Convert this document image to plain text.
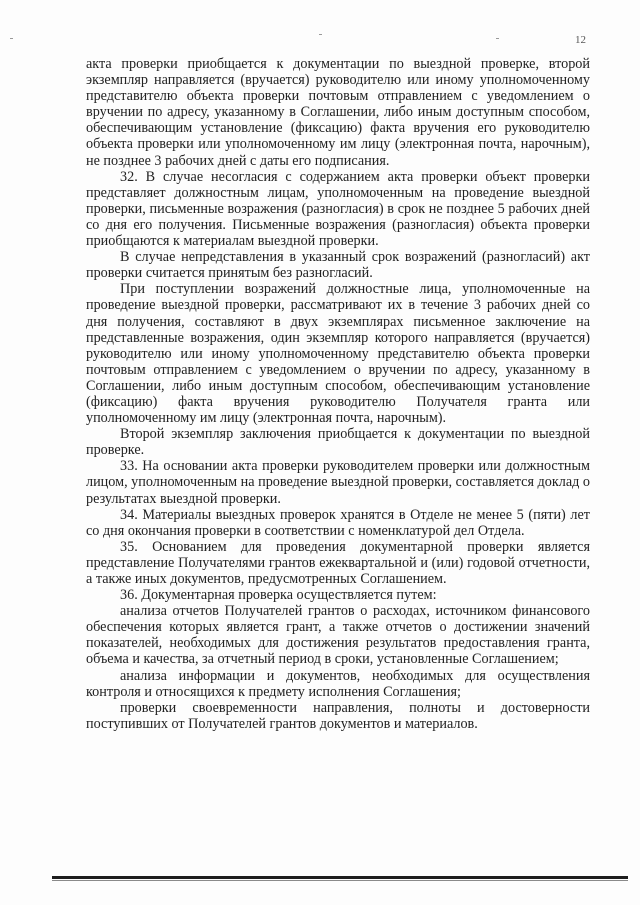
12

акта проверки приобщается к документации по выездной проверке, второй экземпляр направляется (вручается) руководителю или иному уполномоченному представителю объекта проверки почтовым отправлением с уведомлением о вручении по адресу, указанному в Соглашении, либо иным доступным способом, обеспечивающим установление (фиксацию) факта вручения его руководителю объекта проверки или уполномоченному им лицу (электронная почта, нарочным), не позднее 3 рабочих дней с даты его подписания.

32. В случае несогласия с содержанием акта проверки объект проверки представляет должностным лицам, уполномоченным на проведение выездной проверки, письменные возражения (разногласия) в срок не позднее 5 рабочих дней со дня его получения. Письменные возражения (разногласия) объекта проверки приобщаются к материалам выездной проверки.

В случае непредставления в указанный срок возражений (разногласий) акт проверки считается принятым без разногласий.

При поступлении возражений должностные лица, уполномоченные на проведение выездной проверки, рассматривают их в течение 3 рабочих дней со дня получения, составляют в двух экземплярах письменное заключение на представленные возражения, один экземпляр которого направляется (вручается) руководителю или иному уполномоченному представителю объекта проверки почтовым отправлением с уведомлением о вручении по адресу, указанному в Соглашении, либо иным доступным способом, обеспечивающим установление (фиксацию) факта вручения руководителю Получателя гранта или уполномоченному им лицу (электронная почта, нарочным).

Второй экземпляр заключения приобщается к документации по выездной проверке.

33. На основании акта проверки руководителем проверки или должностным лицом, уполномоченным на проведение выездной проверки, составляется доклад о результатах выездной проверки.

34. Материалы выездных проверок хранятся в Отделе не менее 5 (пяти) лет со дня окончания проверки в соответствии с номенклатурой дел Отдела.

35. Основанием для проведения документарной проверки является представление Получателями грантов ежеквартальной и (или) годовой отчетности, а также иных документов, предусмотренных Соглашением.

36. Документарная проверка осуществляется путем:

анализа отчетов Получателей грантов о расходах, источником финансового обеспечения которых является грант, а также отчетов о достижении значений показателей, необходимых для достижения результатов предоставления гранта, объема и качества, за отчетный период в сроки, установленные Соглашением;

анализа информации и документов, необходимых для осуществления контроля и относящихся к предмету исполнения Соглашения;

проверки своевременности направления, полноты и достоверности поступивших от Получателей грантов документов и материалов.
